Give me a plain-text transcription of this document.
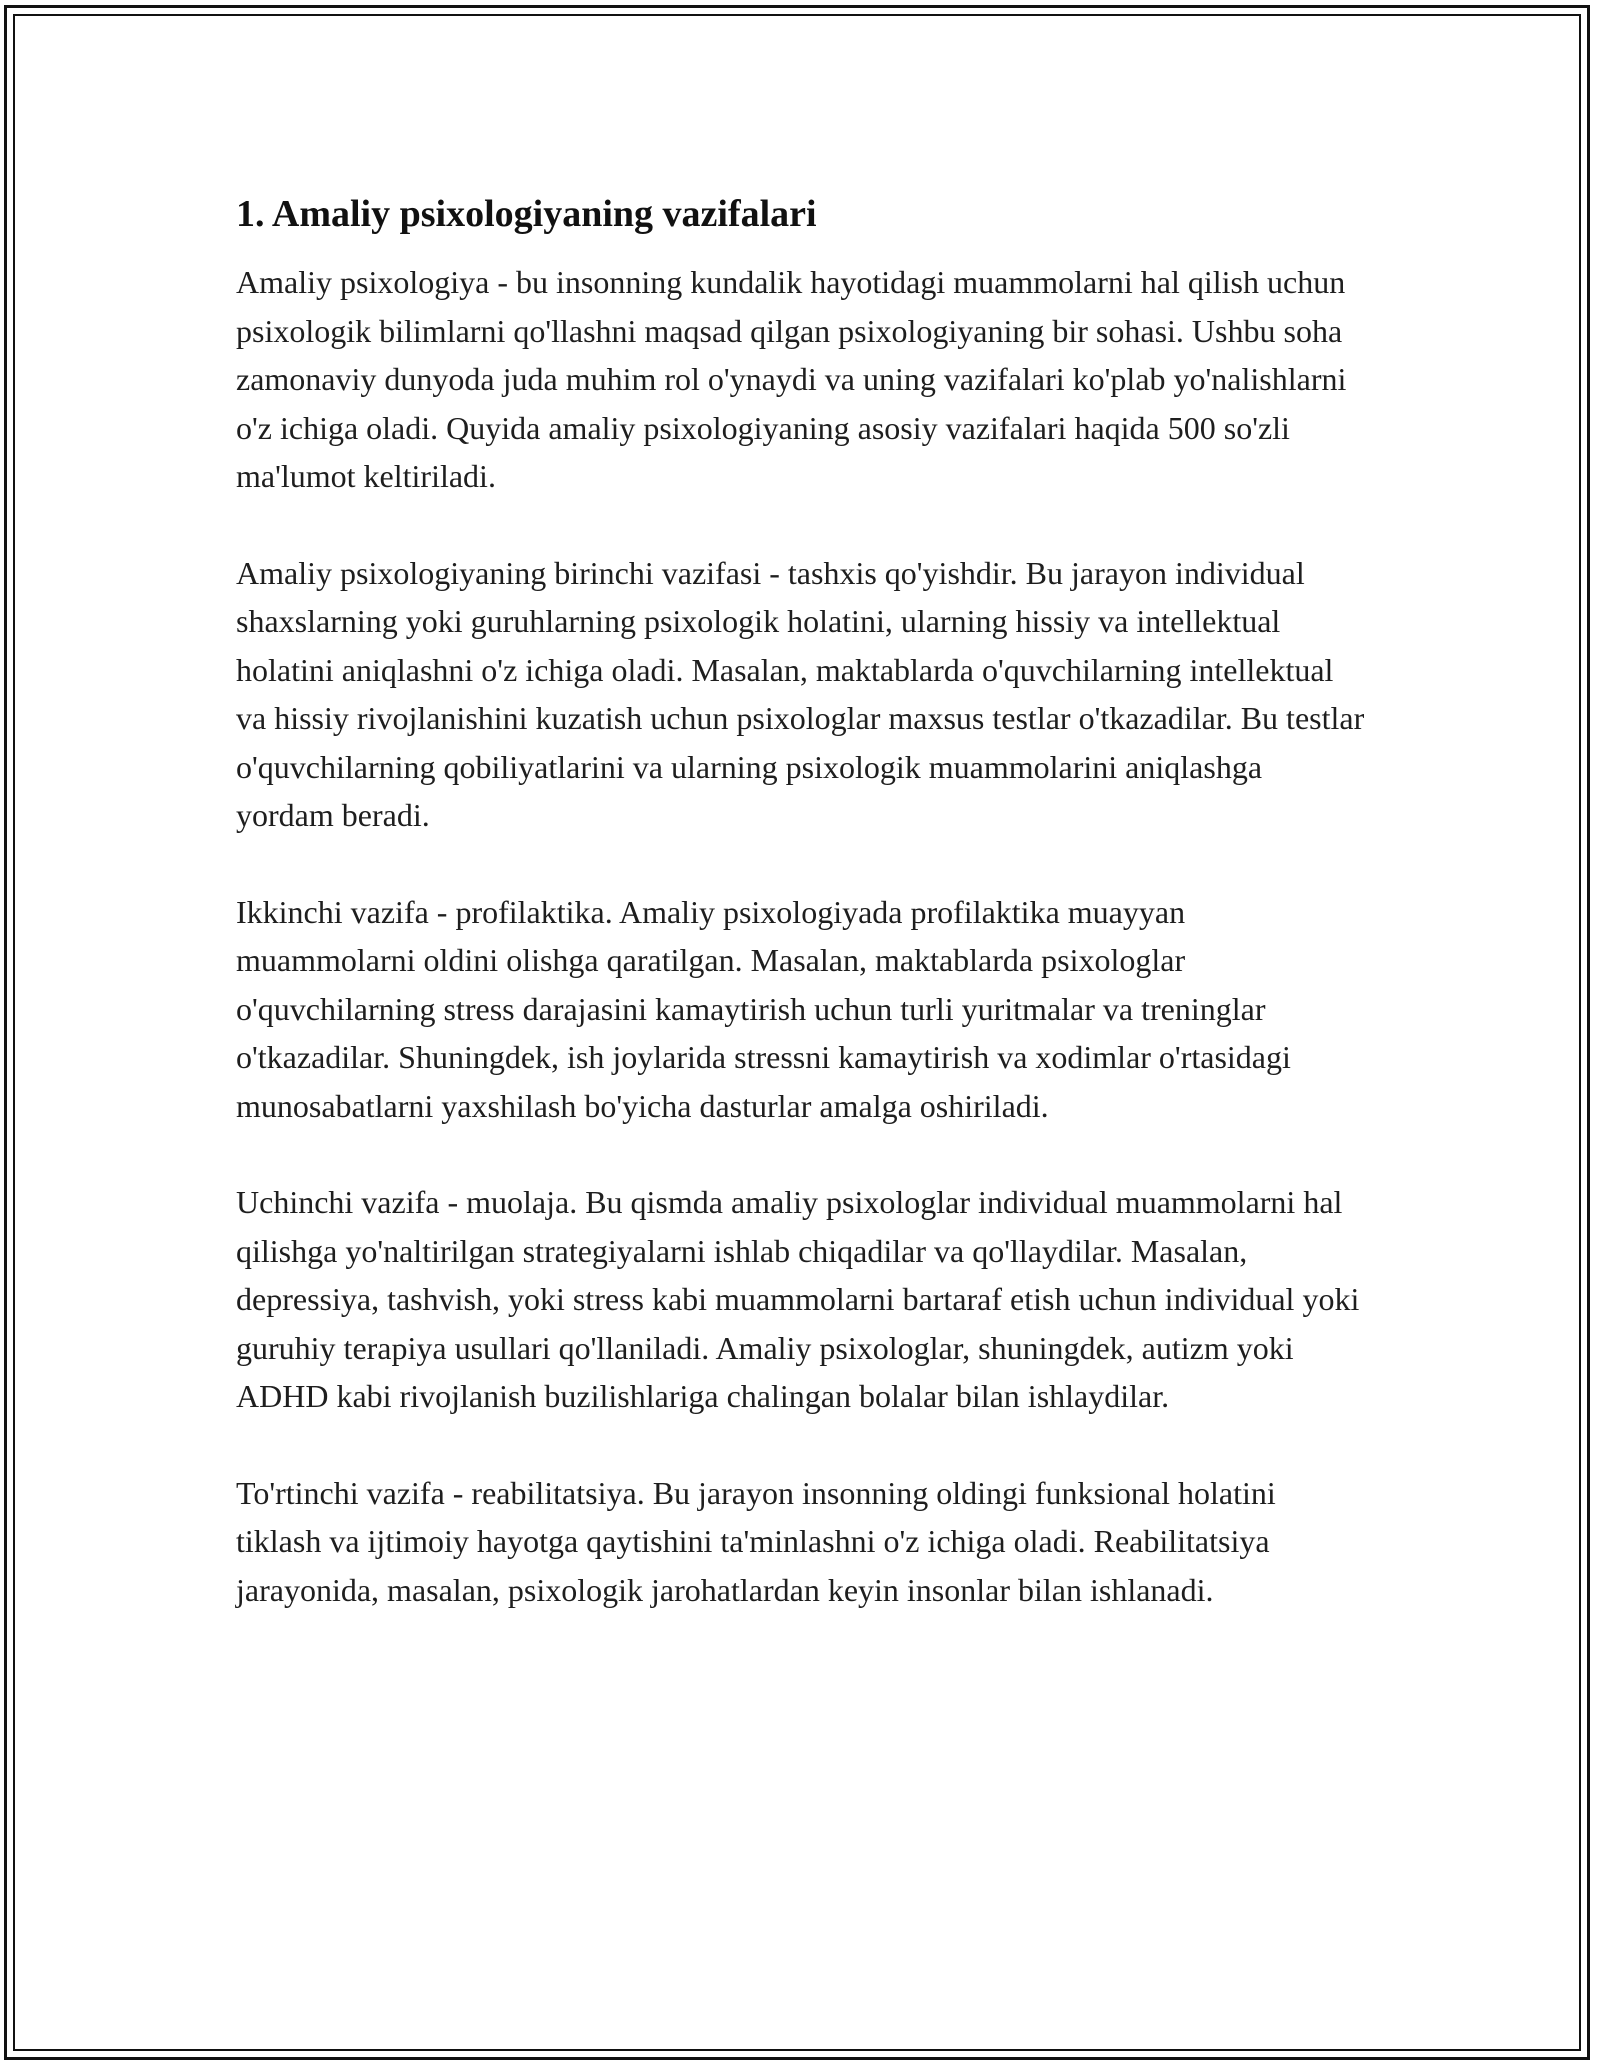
1. Amaliy psixologiyaning vazifalari

Amaliy psixologiya - bu insonning kundalik hayotidagi muammolarni hal qilish uchun psixologik bilimlarni qo'llashni maqsad qilgan psixologiyaning bir sohasi. Ushbu soha zamonaviy dunyoda juda muhim rol o'ynaydi va uning vazifalari ko'plab yo'nalishlarni o'z ichiga oladi. Quyida amaliy psixologiyaning asosiy vazifalari haqida 500 so'zli ma'lumot keltiriladi.

Amaliy psixologiyaning birinchi vazifasi - tashxis qo'yishdir. Bu jarayon individual shaxslarning yoki guruhlarning psixologik holatini, ularning hissiy va intellektual holatini aniqlashni o'z ichiga oladi. Masalan, maktablarda o'quvchilarning intellektual va hissiy rivojlanishini kuzatish uchun psixologlar maxsus testlar o'tkazadilar. Bu testlar o'quvchilarning qobiliyatlarini va ularning psixologik muammolarini aniqlashga yordam beradi.

Ikkinchi vazifa - profilaktika. Amaliy psixologiyada profilaktika muayyan muammolarni oldini olishga qaratilgan. Masalan, maktablarda psixologlar o'quvchilarning stress darajasini kamaytirish uchun turli yuritmalar va treninglar o'tkazadilar. Shuningdek, ish joylarida stressni kamaytirish va xodimlar o'rtasidagi munosabatlarni yaxshilash bo'yicha dasturlar amalga oshiriladi.

Uchinchi vazifa - muolaja. Bu qismda amaliy psixologlar individual muammolarni hal qilishga yo'naltirilgan strategiyalarni ishlab chiqadilar va qo'llaydilar. Masalan, depressiya, tashvish, yoki stress kabi muammolarni bartaraf etish uchun individual yoki guruhiy terapiya usullari qo'llaniladi. Amaliy psixologlar, shuningdek, autizm yoki ADHD kabi rivojlanish buzilishlariga chalingan bolalar bilan ishlaydilar.

To'rtinchi vazifa - reabilitatsiya. Bu jarayon insonning oldingi funksional holatini tiklash va ijtimoiy hayotga qaytishini ta'minlashni o'z ichiga oladi. Reabilitatsiya jarayonida, masalan, psixologik jarohatlardan keyin insonlar bilan ishlanadi.
